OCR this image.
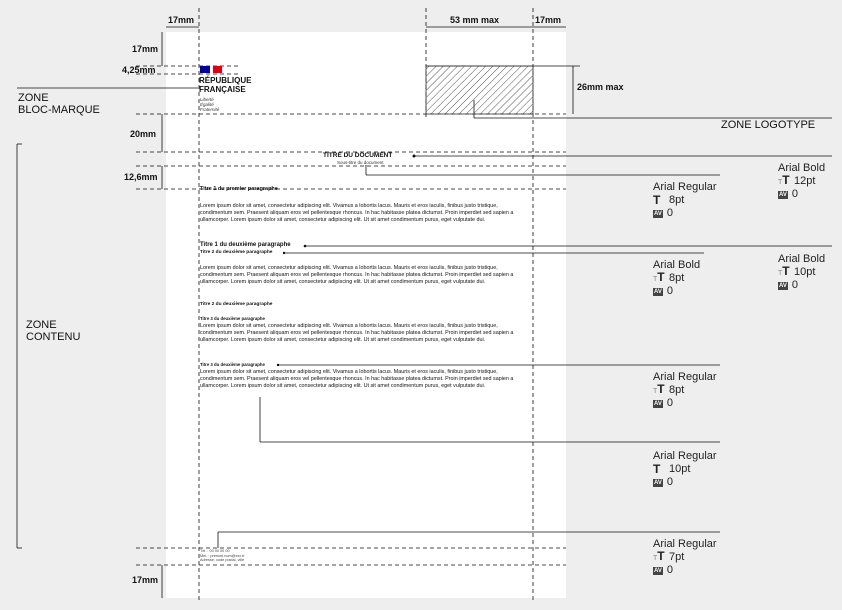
17mm	53 mm max	17mm
17mm
4,25mm
26mm max
20mm
12,6mm
17mm
ZONE
BLOC-MARQUE
ZONE LOGOTYPE
ZONE
CONTENU
RÉPUBLIQUE
FRANÇAISE
Liberté
Égalité
Fraternité
TITRE DU DOCUMENT
Sous-titre du document
Titre 1 du premier paragraphe
Lorem ipsum dolor sit amet, consectetur adipiscing elit. Vivamus a lobortis lacus. Mauris et eros iaculis, finibus justo tristique, condimentum sem. Praesent aliquam eros vel pellentesque rhoncus. In hac habitasse platea dictumst. Proin imperdiet sed sapien a ullamcorper. Lorem ipsum dolor sit amet, consectetur adipiscing elit. Ut sit amet condimentum purus, eget vulputate dui.
Titre 1 du deuxième paragraphe
Titre 2 du deuxième paragraphe
Lorem ipsum dolor sit amet, consectetur adipiscing elit. Vivamus a lobortis lacus. Mauris et eros iaculis, finibus justo tristique, condimentum sem. Praesent aliquam eros vel pellentesque rhoncus. In hac habitasse platea dictumst. Proin imperdiet sed sapien a ullamcorper. Lorem ipsum dolor sit amet, consectetur adipiscing elit. Ut sit amet condimentum purus, eget vulputate dui.
Titre 2 du deuxième paragraphe
Titre 3 du deuxième paragraphe
Lorem ipsum dolor sit amet, consectetur adipiscing elit. Vivamus a lobortis lacus. Mauris et eros iaculis, finibus justo tristique, condimentum sem. Praesent aliquam eros vel pellentesque rhoncus. In hac habitasse platea dictumst. Proin imperdiet sed sapien a ullamcorper. Lorem ipsum dolor sit amet, consectetur adipiscing elit. Ut sit amet condimentum purus, eget vulputate dui.
Titre 3 du deuxième paragraphe
Lorem ipsum dolor sit amet, consectetur adipiscing elit. Vivamus a lobortis lacus. Mauris et eros iaculis, finibus justo tristique, condimentum sem. Praesent aliquam eros vel pellentesque rhoncus. In hac habitasse platea dictumst. Proin imperdiet sed sapien a ullamcorper. Lorem ipsum dolor sit amet, consectetur adipiscing elit. Ut sit amet condimentum purus, eget vulputate dui.
Tél. : 00 00 00 00
Mél. : prénom.nom@xxx.fr
Adresse, code postal, ville
Arial Bold
TT 12pt
AV 0
Arial Regular
T 8pt
AV 0
Arial Bold
TT 10pt
AV 0
Arial Bold
TT 8pt
AV 0
Arial Regular
TT 8pt
AV 0
Arial Regular
T 10pt
AV 0
Arial Regular
TT 7pt
AV 0
